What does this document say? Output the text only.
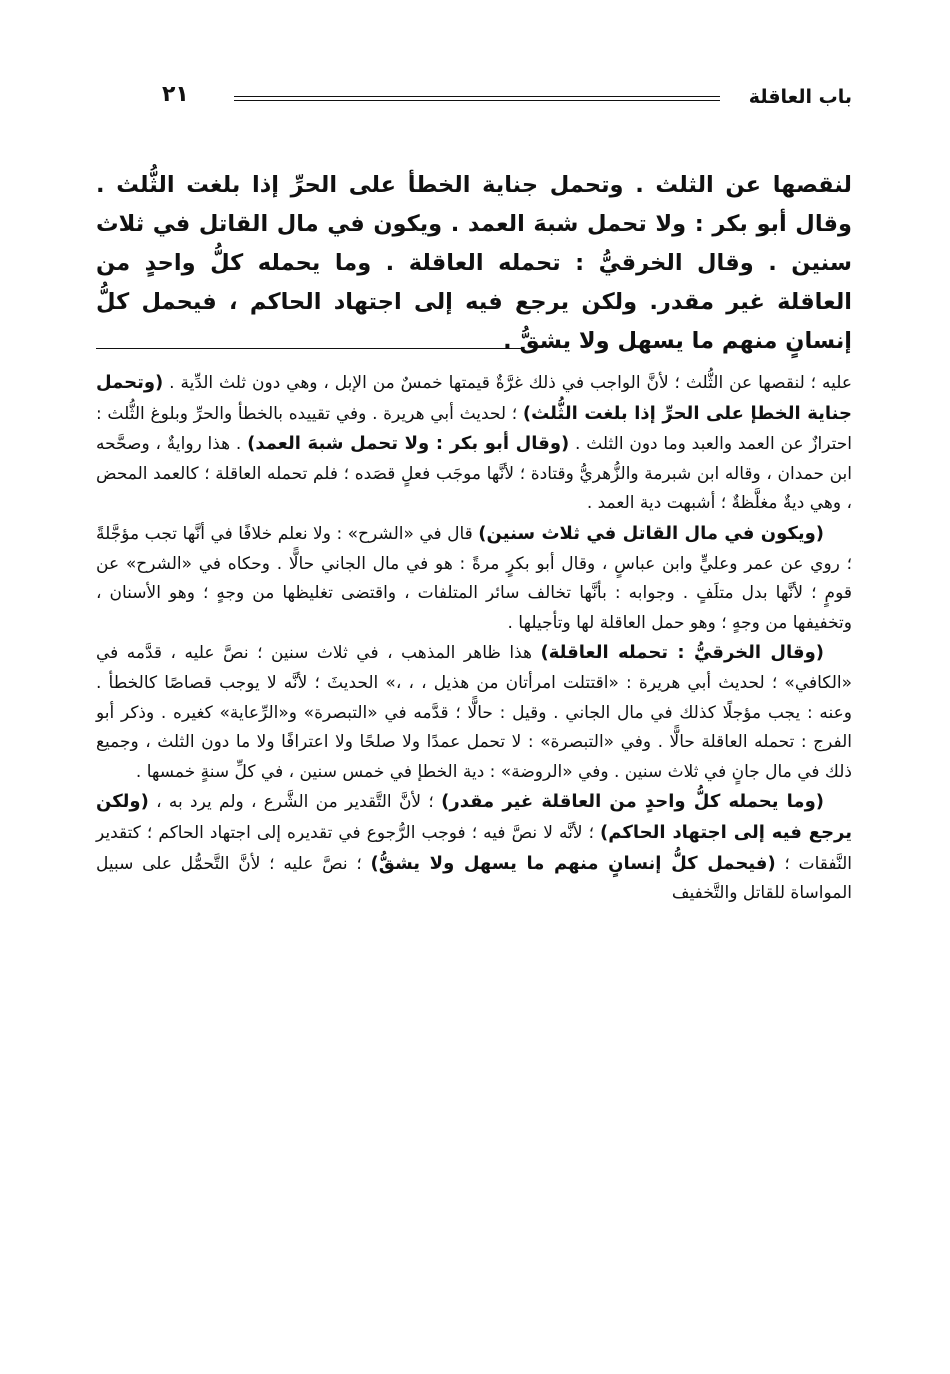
باب العاقلة
٢١

لنقصها عن الثلث . وتحمل جناية الخطأ على الحرِّ إذا بلغت الثُّلث . وقال أبو بكر : ولا تحمل شبهَ العمد . ويكون في مال القاتل في ثلاث سنين . وقال الخرقيُّ : تحمله العاقلة . وما يحمله كلُّ واحدٍ من العاقلة غير مقدر. ولكن يرجع فيه إلى اجتهاد الحاكم ، فيحمل كلُّ إنسانٍ منهم ما يسهل ولا يشقُّ .

عليه ؛ لنقصها عن الثُّلث ؛ لأنَّ الواجب في ذلك غرَّةٌ قيمتها خمسٌ من الإبل ، وهي دون ثلث الدِّية . (وتحمل جناية الخطإ على الحرِّ إذا بلغت الثُّلث) ؛ لحديث أبي هريرة . وفي تقييده بالخطأ والحرِّ وبلوغ الثُّلث : احترازٌ عن العمد والعبد وما دون الثلث . (وقال أبو بكر : ولا تحمل شبهَ العمد) . هذا روايةٌ ، وصحَّحه ابن حمدان ، وقاله ابن شبرمة والزُّهريُّ وقتادة ؛ لأنَّها موجَب فعلٍ قصَده ؛ فلم تحمله العاقلة ؛ كالعمد المحض ، وهي ديةٌ مغلَّظةٌ ؛ أشبهت دية العمد .

(ويكون في مال القاتل في ثلاث سنين) قال في «الشرح» : ولا نعلم خلافًا في أنَّها تجب مؤجَّلةً ؛ روي عن عمر وعليٍّ وابن عباسٍ ، وقال أبو بكرٍ مرةً : هو في مال الجاني حالًّا . وحكاه في «الشرح» عن قومٍ ؛ لأنَّها بدل متلَفٍ . وجوابه : بأنَّها تخالف سائر المتلفات ، واقتضى تغليظها من وجهٍ ؛ وهو الأسنان ، وتخفيفها من وجهٍ ؛ وهو حمل العاقلة لها وتأجيلها .

(وقال الخرقيُّ : تحمله العاقلة) هذا ظاهر المذهب ، في ثلاث سنين ؛ نصَّ عليه ، قدَّمه في «الكافي» ؛ لحديث أبي هريرة : «اقتتلت امرأتان من هذيل ، ، ،» الحديثَ ؛ لأنَّه لا يوجب قصاصًا كالخطأ . وعنه : يجب مؤجلًا كذلك في مال الجاني . وقيل : حالًّا ؛ قدَّمه في «التبصرة» و«الرِّعاية» كغيره . وذكر أبو الفرج : تحمله العاقلة حالًّا . وفي «التبصرة» : لا تحمل عمدًا ولا صلحًا ولا اعترافًا ولا ما دون الثلث ، وجميع ذلك في مال جانٍ في ثلاث سنين . وفي «الروضة» : دية الخطإ في خمس سنين ، في كلِّ سنةٍ خمسها .

(وما يحمله كلُّ واحدٍ من العاقلة غير مقدر) ؛ لأنَّ التَّقدير من الشَّرع ، ولم يرد به ، (ولكن يرجع فيه إلى اجتهاد الحاكم) ؛ لأنَّه لا نصَّ فيه ؛ فوجب الرُّجوع في تقديره إلى اجتهاد الحاكم ؛ كتقدير النَّفقات ؛ (فيحمل كلُّ إنسانٍ منهم ما يسهل ولا يشقُّ) ؛ نصَّ عليه ؛ لأنَّ التَّحمُّل على سبيل المواساة للقاتل والتَّخفيف
